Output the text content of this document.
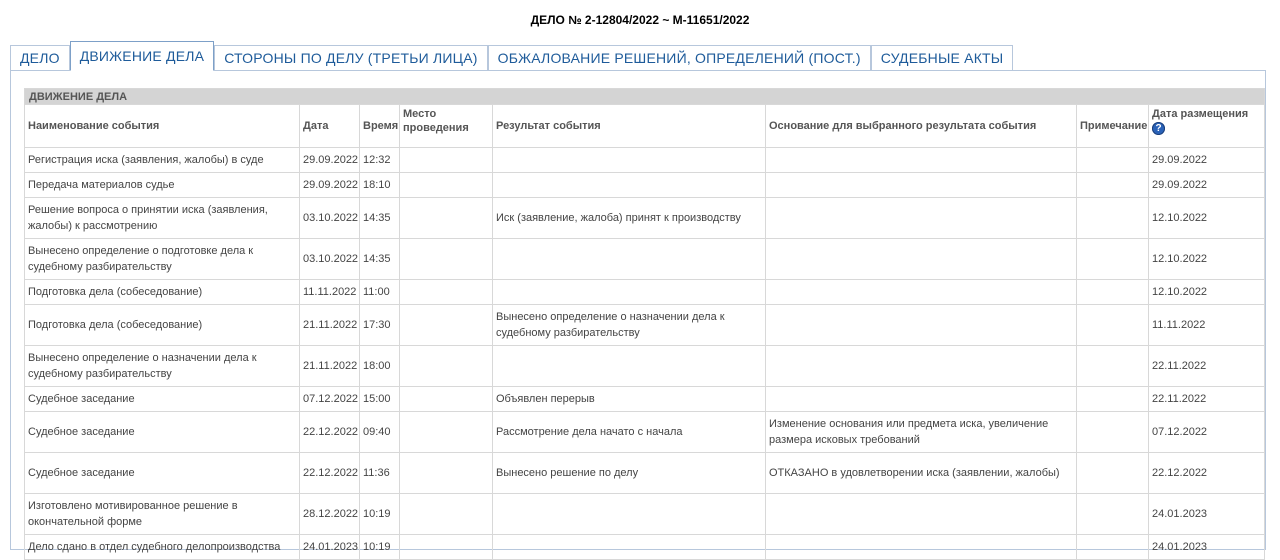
ДЕЛО № 2-12804/2022 ~ М-11651/2022
ДЕЛО	ДВИЖЕНИЕ ДЕЛА	СТОРОНЫ ПО ДЕЛУ (ТРЕТЬИ ЛИЦА)	ОБЖАЛОВАНИЕ РЕШЕНИЙ, ОПРЕДЕЛЕНИЙ (ПОСТ.)	СУДЕБНЫЕ АКТЫ
ДВИЖЕНИЕ ДЕЛА							
Наименование события	Дата	Время	Место проведения	Результат события	Основание для выбранного результата события	Примечание	Дата размещения
?
Регистрация иска (заявления, жалобы) в суде	29.09.2022	12:32					29.09.2022
Передача материалов судье	29.09.2022	18:10					29.09.2022
Решение вопроса о принятии иска (заявления, жалобы) к рассмотрению	03.10.2022	14:35		Иск (заявление, жалоба) принят к производству			12.10.2022
Вынесено определение о подготовке дела к судебному разбирательству	03.10.2022	14:35					12.10.2022
Подготовка дела (собеседование)	11.11.2022	11:00					12.10.2022
Подготовка дела (собеседование)	21.11.2022	17:30		Вынесено определение о назначении дела к судебному разбирательству			11.11.2022
Вынесено определение о назначении дела к судебному разбирательству	21.11.2022	18:00					22.11.2022
Судебное заседание	07.12.2022	15:00		Объявлен перерыв			22.11.2022
Судебное заседание	22.12.2022	09:40		Рассмотрение дела начато с начала	Изменение основания или предмета иска, увеличение размера исковых требований		07.12.2022
Судебное заседание	22.12.2022	11:36		Вынесено решение по делу	ОТКАЗАНО в удовлетворении иска (заявлении, жалобы)		22.12.2022
Изготовлено мотивированное решение в окончательной форме	28.12.2022	10:19					24.01.2023
Дело сдано в отдел судебного делопроизводства	24.01.2023	10:19					24.01.2023
